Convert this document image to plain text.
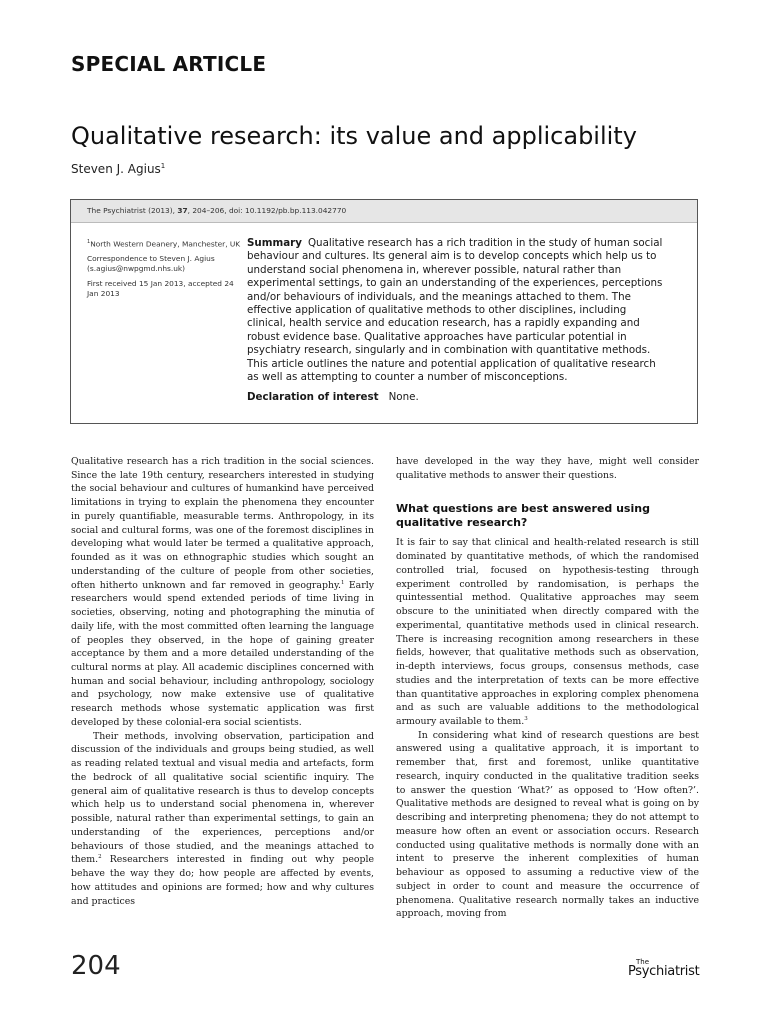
SPECIAL ARTICLE
Qualitative research: its value and applicability
Steven J. Agius$^1$
The Psychiatrist (2013), 37, 204–206, doi: 10.1192/pb.bp.113.042770

$^1$North Western Deanery, Manchester, UK

Correspondence to Steven J. Agius (s.agius@nwpgmd.nhs.uk)

First received 15 Jan 2013, accepted 24 Jan 2013

Summary Qualitative research has a rich tradition in the study of human social behaviour and cultures. Its general aim is to develop concepts which help us to understand social phenomena in, wherever possible, natural rather than experimental settings, to gain an understanding of the experiences, perceptions and/or behaviours of individuals, and the meanings attached to them. The effective application of qualitative methods to other disciplines, including clinical, health service and education research, has a rapidly expanding and robust evidence base. Qualitative approaches have particular potential in psychiatry research, singularly and in combination with quantitative methods. This article outlines the nature and potential application of qualitative research as well as attempting to counter a number of misconceptions.
Declaration of interest None.

Qualitative research has a rich tradition in the social sciences. Since the late 19th century, researchers interested in studying the social behaviour and cultures of humankind have perceived limitations in trying to explain the phenomena they encounter in purely quantifiable, measurable terms. Anthropology, in its social and cultural forms, was one of the foremost disciplines in developing what would later be termed a qualitative approach, founded as it was on ethnographic studies which sought an understanding of the culture of people from other societies, often hitherto unknown and far removed in geography.$^1$ Early researchers would spend extended periods of time living in societies, observing, noting and photographing the minutia of daily life, with the most committed often learning the language of peoples they observed, in the hope of gaining greater acceptance by them and a more detailed understanding of the cultural norms at play. All academic disciplines concerned with human and social behaviour, including anthropology, sociology and psychology, now make extensive use of qualitative research methods whose systematic application was first developed by these colonial-era social scientists.

Their methods, involving observation, participation and discussion of the individuals and groups being studied, as well as reading related textual and visual media and artefacts, form the bedrock of all qualitative social scientific inquiry. The general aim of qualitative research is thus to develop concepts which help us to understand social phenomena in, wherever possible, natural rather than experimental settings, to gain an understanding of the experiences, perceptions and/or behaviours of those studied, and the meanings attached to them.$^2$ Researchers interested in finding out why people behave the way they do; how people are affected by events, how attitudes and opinions are formed; how and why cultures and practices

have developed in the way they have, might well consider qualitative methods to answer their questions.

What questions are best answered using qualitative research?

It is fair to say that clinical and health-related research is still dominated by quantitative methods, of which the randomised controlled trial, focused on hypothesis-testing through experiment controlled by randomisation, is perhaps the quintessential method. Qualitative approaches may seem obscure to the uninitiated when directly compared with the experimental, quantitative methods used in clinical research. There is increasing recognition among researchers in these fields, however, that qualitative methods such as observation, in-depth interviews, focus groups, consensus methods, case studies and the interpretation of texts can be more effective than quantitative approaches in exploring complex phenomena and as such are valuable additions to the methodological armoury available to them.$^3$

In considering what kind of research questions are best answered using a qualitative approach, it is important to remember that, first and foremost, unlike quantitative research, inquiry conducted in the qualitative tradition seeks to answer the question ‘What?’ as opposed to ‘How often?’. Qualitative methods are designed to reveal what is going on by describing and interpreting phenomena; they do not attempt to measure how often an event or association occurs. Research conducted using qualitative methods is normally done with an intent to preserve the inherent complexities of human behaviour as opposed to assuming a reductive view of the subject in order to count and measure the occurrence of phenomena. Qualitative research normally takes an inductive approach, moving from

204	The
Psychiatrist
